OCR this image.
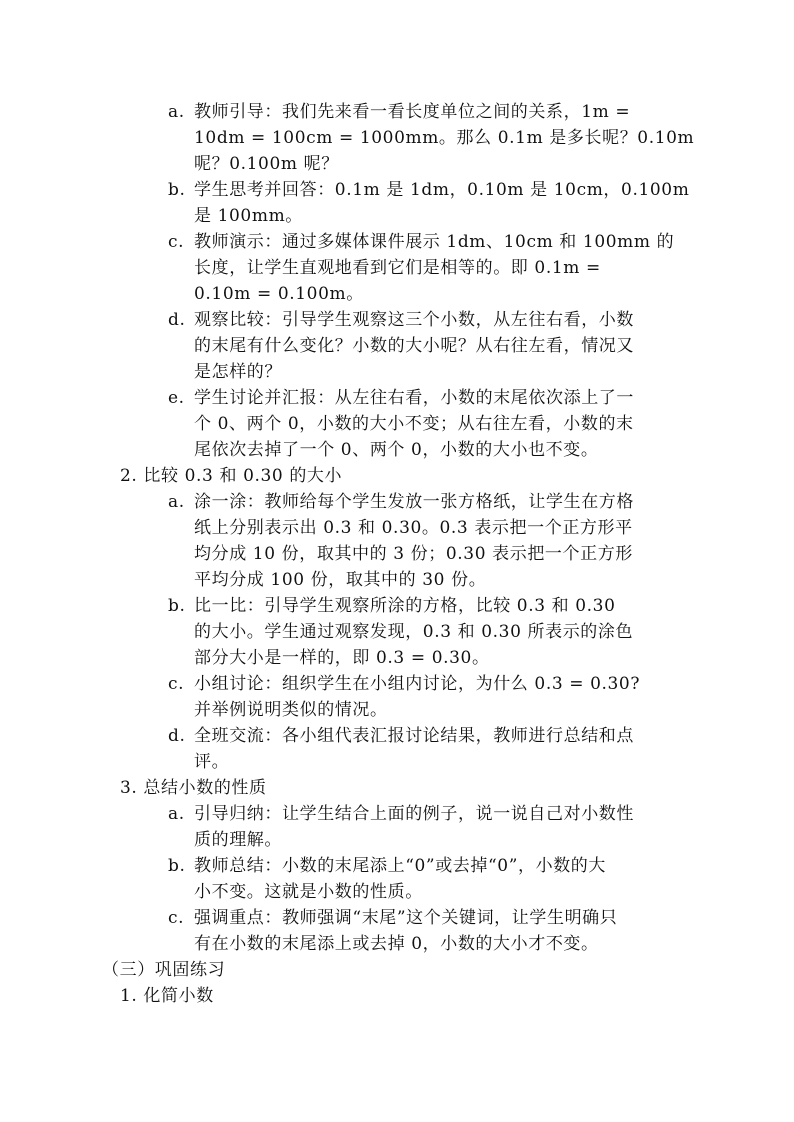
a. 教师引导：我们先来看一看长度单位之间的关系，1m =
10dm = 100cm = 1000mm。那么 0.1m 是多长呢？0.10m
呢？0.100m 呢？
b. 学生思考并回答：0.1m 是 1dm，0.10m 是 10cm，0.100m
是 100mm。
c. 教师演示：通过多媒体课件展示 1dm、10cm 和 100mm 的
长度，让学生直观地看到它们是相等的。即 0.1m =
0.10m = 0.100m。
d. 观察比较：引导学生观察这三个小数，从左往右看，小数
的末尾有什么变化？小数的大小呢？从右往左看，情况又
是怎样的？
e. 学生讨论并汇报：从左往右看，小数的末尾依次添上了一
个 0、两个 0，小数的大小不变；从右往左看，小数的末
尾依次去掉了一个 0、两个 0，小数的大小也不变。
2. 比较 0.3 和 0.30 的大小
a. 涂一涂：教师给每个学生发放一张方格纸，让学生在方格
纸上分别表示出 0.3 和 0.30。0.3 表示把一个正方形平
均分成 10 份，取其中的 3 份；0.30 表示把一个正方形
平均分成 100 份，取其中的 30 份。
b. 比一比：引导学生观察所涂的方格，比较 0.3 和 0.30
的大小。学生通过观察发现，0.3 和 0.30 所表示的涂色
部分大小是一样的，即 0.3 = 0.30。
c. 小组讨论：组织学生在小组内讨论，为什么 0.3 = 0.30?
并举例说明类似的情况。
d. 全班交流：各小组代表汇报讨论结果，教师进行总结和点
评。
3. 总结小数的性质
a. 引导归纳：让学生结合上面的例子，说一说自己对小数性
质的理解。
b. 教师总结：小数的末尾添上“0”或去掉“0”，小数的大
小不变。这就是小数的性质。
c. 强调重点：教师强调“末尾”这个关键词，让学生明确只
有在小数的末尾添上或去掉 0，小数的大小才不变。
（三）巩固练习
1. 化简小数
